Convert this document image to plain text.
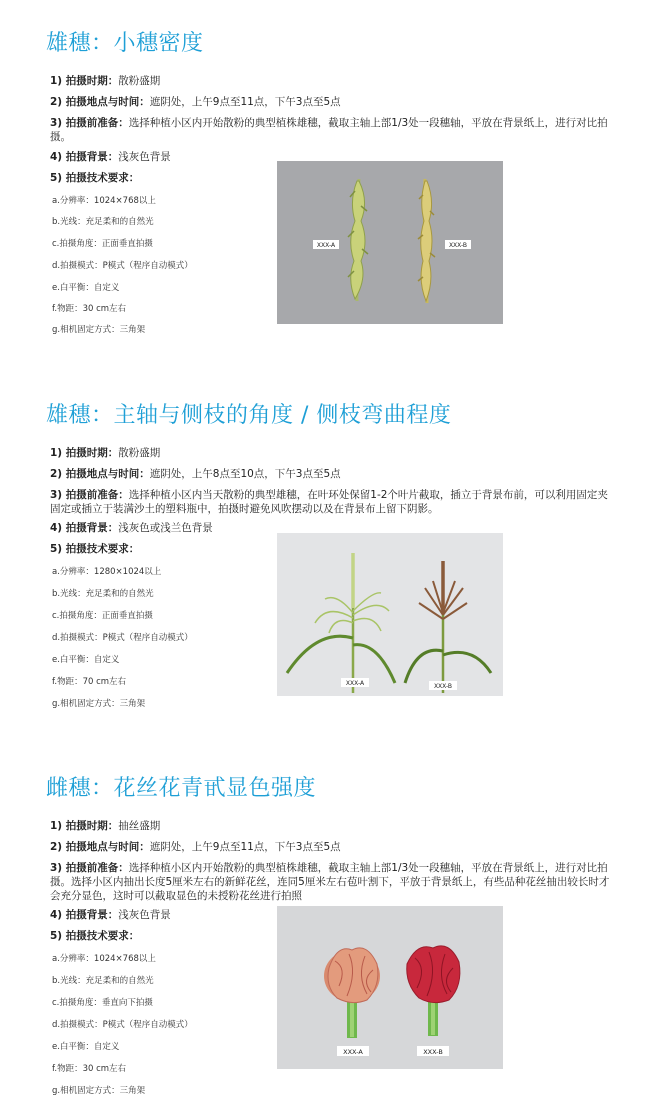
雄穗：小穗密度
1) 拍摄时期：散粉盛期
2) 拍摄地点与时间：遮阴处，上午9点至11点，下午3点至5点
3) 拍摄前准备：选择种植小区内开始散粉的典型植株雄穗，截取主轴上部1/3处一段穗轴，平放在背景纸上，进行对比拍摄。
4) 拍摄背景：浅灰色背景
5) 拍摄技术要求：
a.分辨率：1024×768以上
b.光线：充足柔和的自然光
c.拍摄角度：正面垂直拍摄
d.拍摄模式：P模式（程序自动模式）
e.白平衡：自定义
f.物距：30 cm左右
g.相机固定方式：三角架
XXX-A	XXX-B
雄穗：主轴与侧枝的角度 / 侧枝弯曲程度
1) 拍摄时期：散粉盛期
2) 拍摄地点与时间：遮阴处，上午8点至10点，下午3点至5点
3) 拍摄前准备：选择种植小区内当天散粉的典型雄穗，在叶环处保留1-2个叶片截取，插立于背景布前，可以利用固定夹固定或插立于装满沙土的塑料瓶中，拍摄时避免风吹摆动以及在背景布上留下阴影。
4) 拍摄背景：浅灰色或浅兰色背景
5) 拍摄技术要求：
a.分辨率：1280×1024以上
b.光线：充足柔和的自然光
c.拍摄角度：正面垂直拍摄
d.拍摄模式：P模式（程序自动模式）
e.白平衡：自定义
f.物距：70 cm左右
g.相机固定方式：三角架
XXX-A	XXX-B
雌穗：花丝花青甙显色强度
1) 拍摄时期：抽丝盛期
2) 拍摄地点与时间：遮阴处，上午9点至11点，下午3点至5点
3) 拍摄前准备：选择种植小区内开始散粉的典型植株雄穗，截取主轴上部1/3处一段穗轴，平放在背景纸上，进行对比拍摄。选择小区内抽出长度5厘米左右的新鲜花丝，连同5厘米左右苞叶割下，平放于背景纸上，有些品种花丝抽出较长时才会充分显色，这时可以截取显色的未授粉花丝进行拍照
4) 拍摄背景：浅灰色背景
5) 拍摄技术要求：
a.分辨率：1024×768以上
b.光线：充足柔和的自然光
c.拍摄角度：垂直向下拍摄
d.拍摄模式：P模式（程序自动模式）
e.白平衡：自定义
f.物距：30 cm左右
g.相机固定方式：三角架
XXX-A	XXX-B
